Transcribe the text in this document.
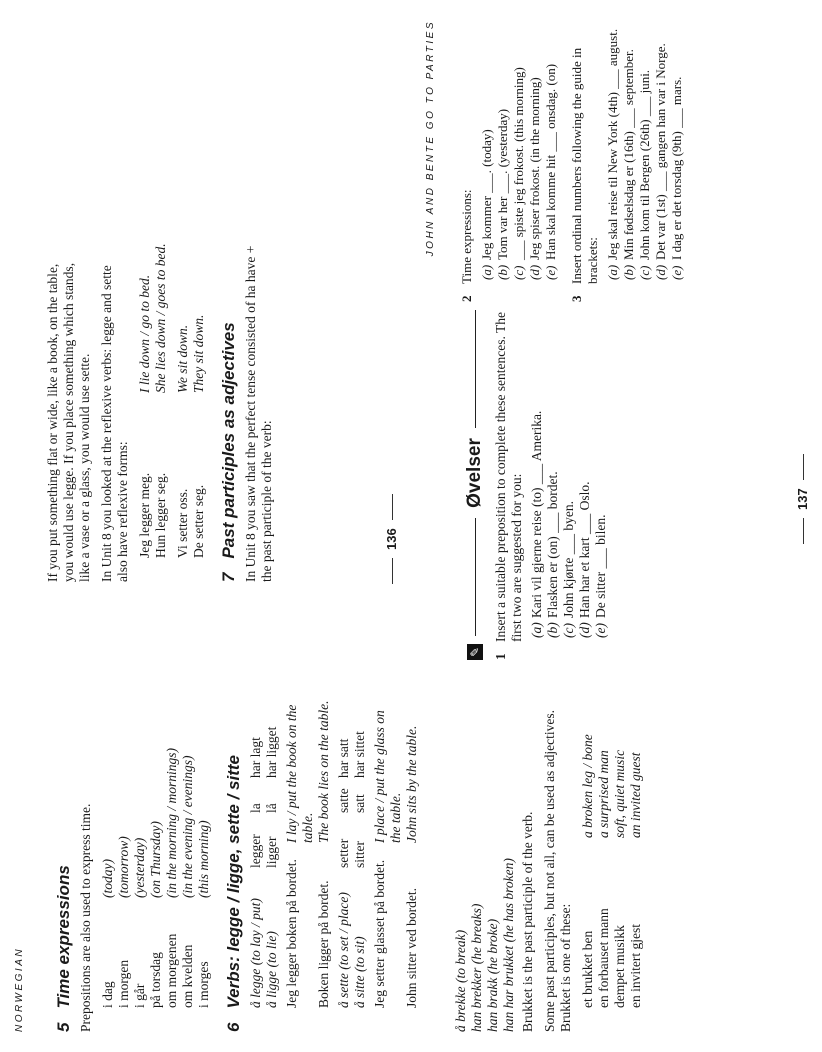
NORWEGIAN
136
5Time expressions Prepositions are also used to express time. i dag
(today)
i morgen
(tomorrow)
i går
(yesterday)
på torsdag
(on Thursday)
om morgenen
(in the morning / mornings)
om kvelden
(in the evening / evenings)
i morges
(this morning)
6Verbs: legge / ligge, sette / sitte å legge (to lay / put)
legger
la
har lagt
å ligge (to lie)
ligger
lå
har ligget
Jeg legger boken på bordet.
I lay / put the book on the table.
Boken ligger på bordet.
The book lies on the table.
å sette (to set / place)
setter
satte
har satt
å sitte (to sit)
sitter
satt
har sittet
Jeg setter glasset på bordet.
I place / put the glass on the table.
John sitter ved bordet.
John sits by the table.

If you put something flat or wide, like a book, on the table, you would use legge. If you place something which stands, like a vase or a glass, you would use sette. In Unit 8 you looked at the reflexive verbs: legge and sette also have reflexive forms: Jeg legger meg.
I lie down / go to bed.
Hun legger seg.
She lies down / goes to bed.
Vi setter oss.
We sit down.
De setter seg.
They sit down.
7Past participles as adjectives In Unit 8 you saw that the perfect tense consisted of ha have + the past participle of the verb:

JOHN AND BENTE GO TO PARTIES
137
å brekke (to break) han brekker (he breaks) han brakk (he broke) han har brukket (he has broken) Brukket is the past participle of the verb. Some past participles, but not all, can be used as adjectives. Brukket is one of these: et brukket ben
a broken leg / bone
en forbauset mann
a surprised man
dempet musikk
soft, quiet music
en invitert gjest
an invited guest
✎
Øvelser
1
Insert a suitable preposition to complete these sentences. The first two are suggested for you: (a)
Kari vil gjerne reise (to) ___ Amerika.
(b)
Flasken er (on) ___ bordet.
(c)
John kjørte ___ byen.
(d)
Han har et kart ___ Oslo.
(e)
De sitter ___ bilen.
2
Time expressions: (a)
Jeg kommer ___. (today)
(b)
Tom var her ___. (yesterday)
(c)
___ spiste jeg frokost. (this morning)
(d)
Jeg spiser frokost. (in the morning)
(e)
Han skal komme hit ___ onsdag. (on)
3
Insert ordinal numbers following the guide in brackets: (a)
Jeg skal reise til New York (4th) ___ august.
(b)
Min fødselsdag er (16th) ___ september.
(c)
John kom til Bergen (26th) ___ juni.
(d)
Det var (1st) ___ gangen han var i Norge.
(e)
I dag er det torsdag (9th) ___ mars.
